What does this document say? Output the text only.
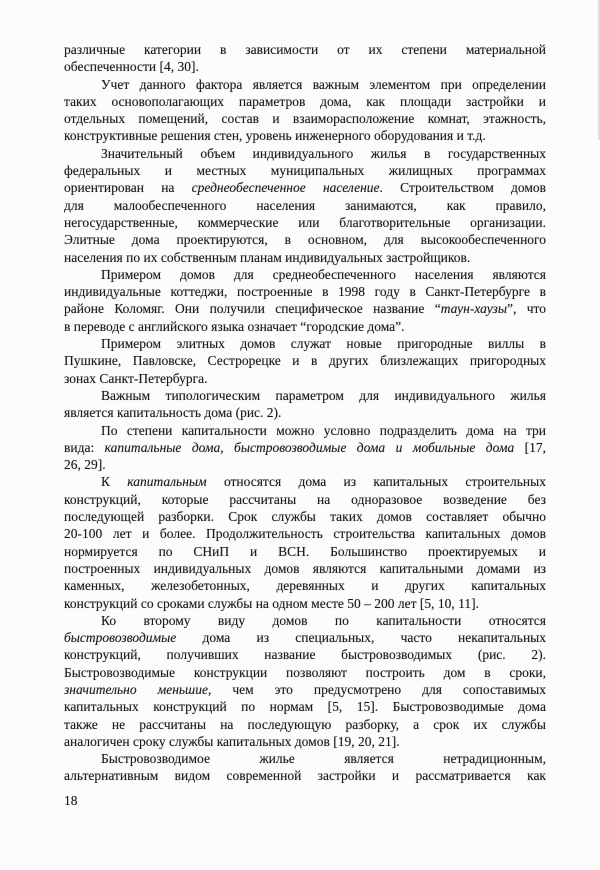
различные категории в зависимости от их степени материальной
обеспеченности [4, 30].
Учет данного фактора является важным элементом при определении
таких основополагающих параметров дома, как площади застройки и
отдельных помещений, состав и взаиморасположение комнат, этажность,
конструктивные решения стен, уровень инженерного оборудования и т.д.
Значительный объем индивидуального жилья в государственных
федеральных и местных муниципальных жилищных программах
ориентирован на среднеобеспеченное население. Строительством домов
для малообеспеченного населения занимаются, как правило,
негосударственные, коммерческие или благотворительные организации.
Элитные дома проектируются, в основном, для высокообеспеченного
населения по их собственным планам индивидуальных застройщиков.
Примером домов для среднеобеспеченного населения являются
индивидуальные коттеджи, построенные в 1998 году в Санкт-Петербурге в
районе Коломяг. Они получили специфическое название “таун-хаузы”, что
в переводе с английского языка означает “городские дома”.
Примером элитных домов служат новые пригородные виллы в
Пушкине, Павловске, Сестрорецке и в других близлежащих пригородных
зонах Санкт-Петербурга.
Важным типологическим параметром для индивидуального жилья
является капитальность дома (рис. 2).
По степени капитальности можно условно подразделить дома на три
вида: капитальные дома, быстровозводимые дома и мобильные дома [17,
26, 29].
К капитальным относятся дома из капитальных строительных
конструкций, которые рассчитаны на одноразовое возведение без
последующей разборки. Срок службы таких домов составляет обычно
20-100 лет и более. Продолжительность строительства капитальных домов
нормируется по СНиП и ВСН. Большинство проектируемых и
построенных индивидуальных домов являются капитальными домами из
каменных, железобетонных, деревянных и других капитальных
конструкций со сроками службы на одном месте 50 – 200 лет [5, 10, 11].
Ко второму виду домов по капитальности относятся
быстровозводимые дома из специальных, часто некапитальных
конструкций, получивших название быстровозводимых (рис. 2).
Быстровозводимые конструкции позволяют построить дом в сроки,
значительно меньшие, чем это предусмотрено для сопоставимых
капитальных конструкций по нормам [5, 15]. Быстровозводимые дома
также не рассчитаны на последующую разборку, а срок их службы
аналогичен сроку службы капитальных домов [19, 20, 21].
Быстровозводимое жилье является нетрадиционным,
альтернативным видом современной застройки и рассматривается как
18
